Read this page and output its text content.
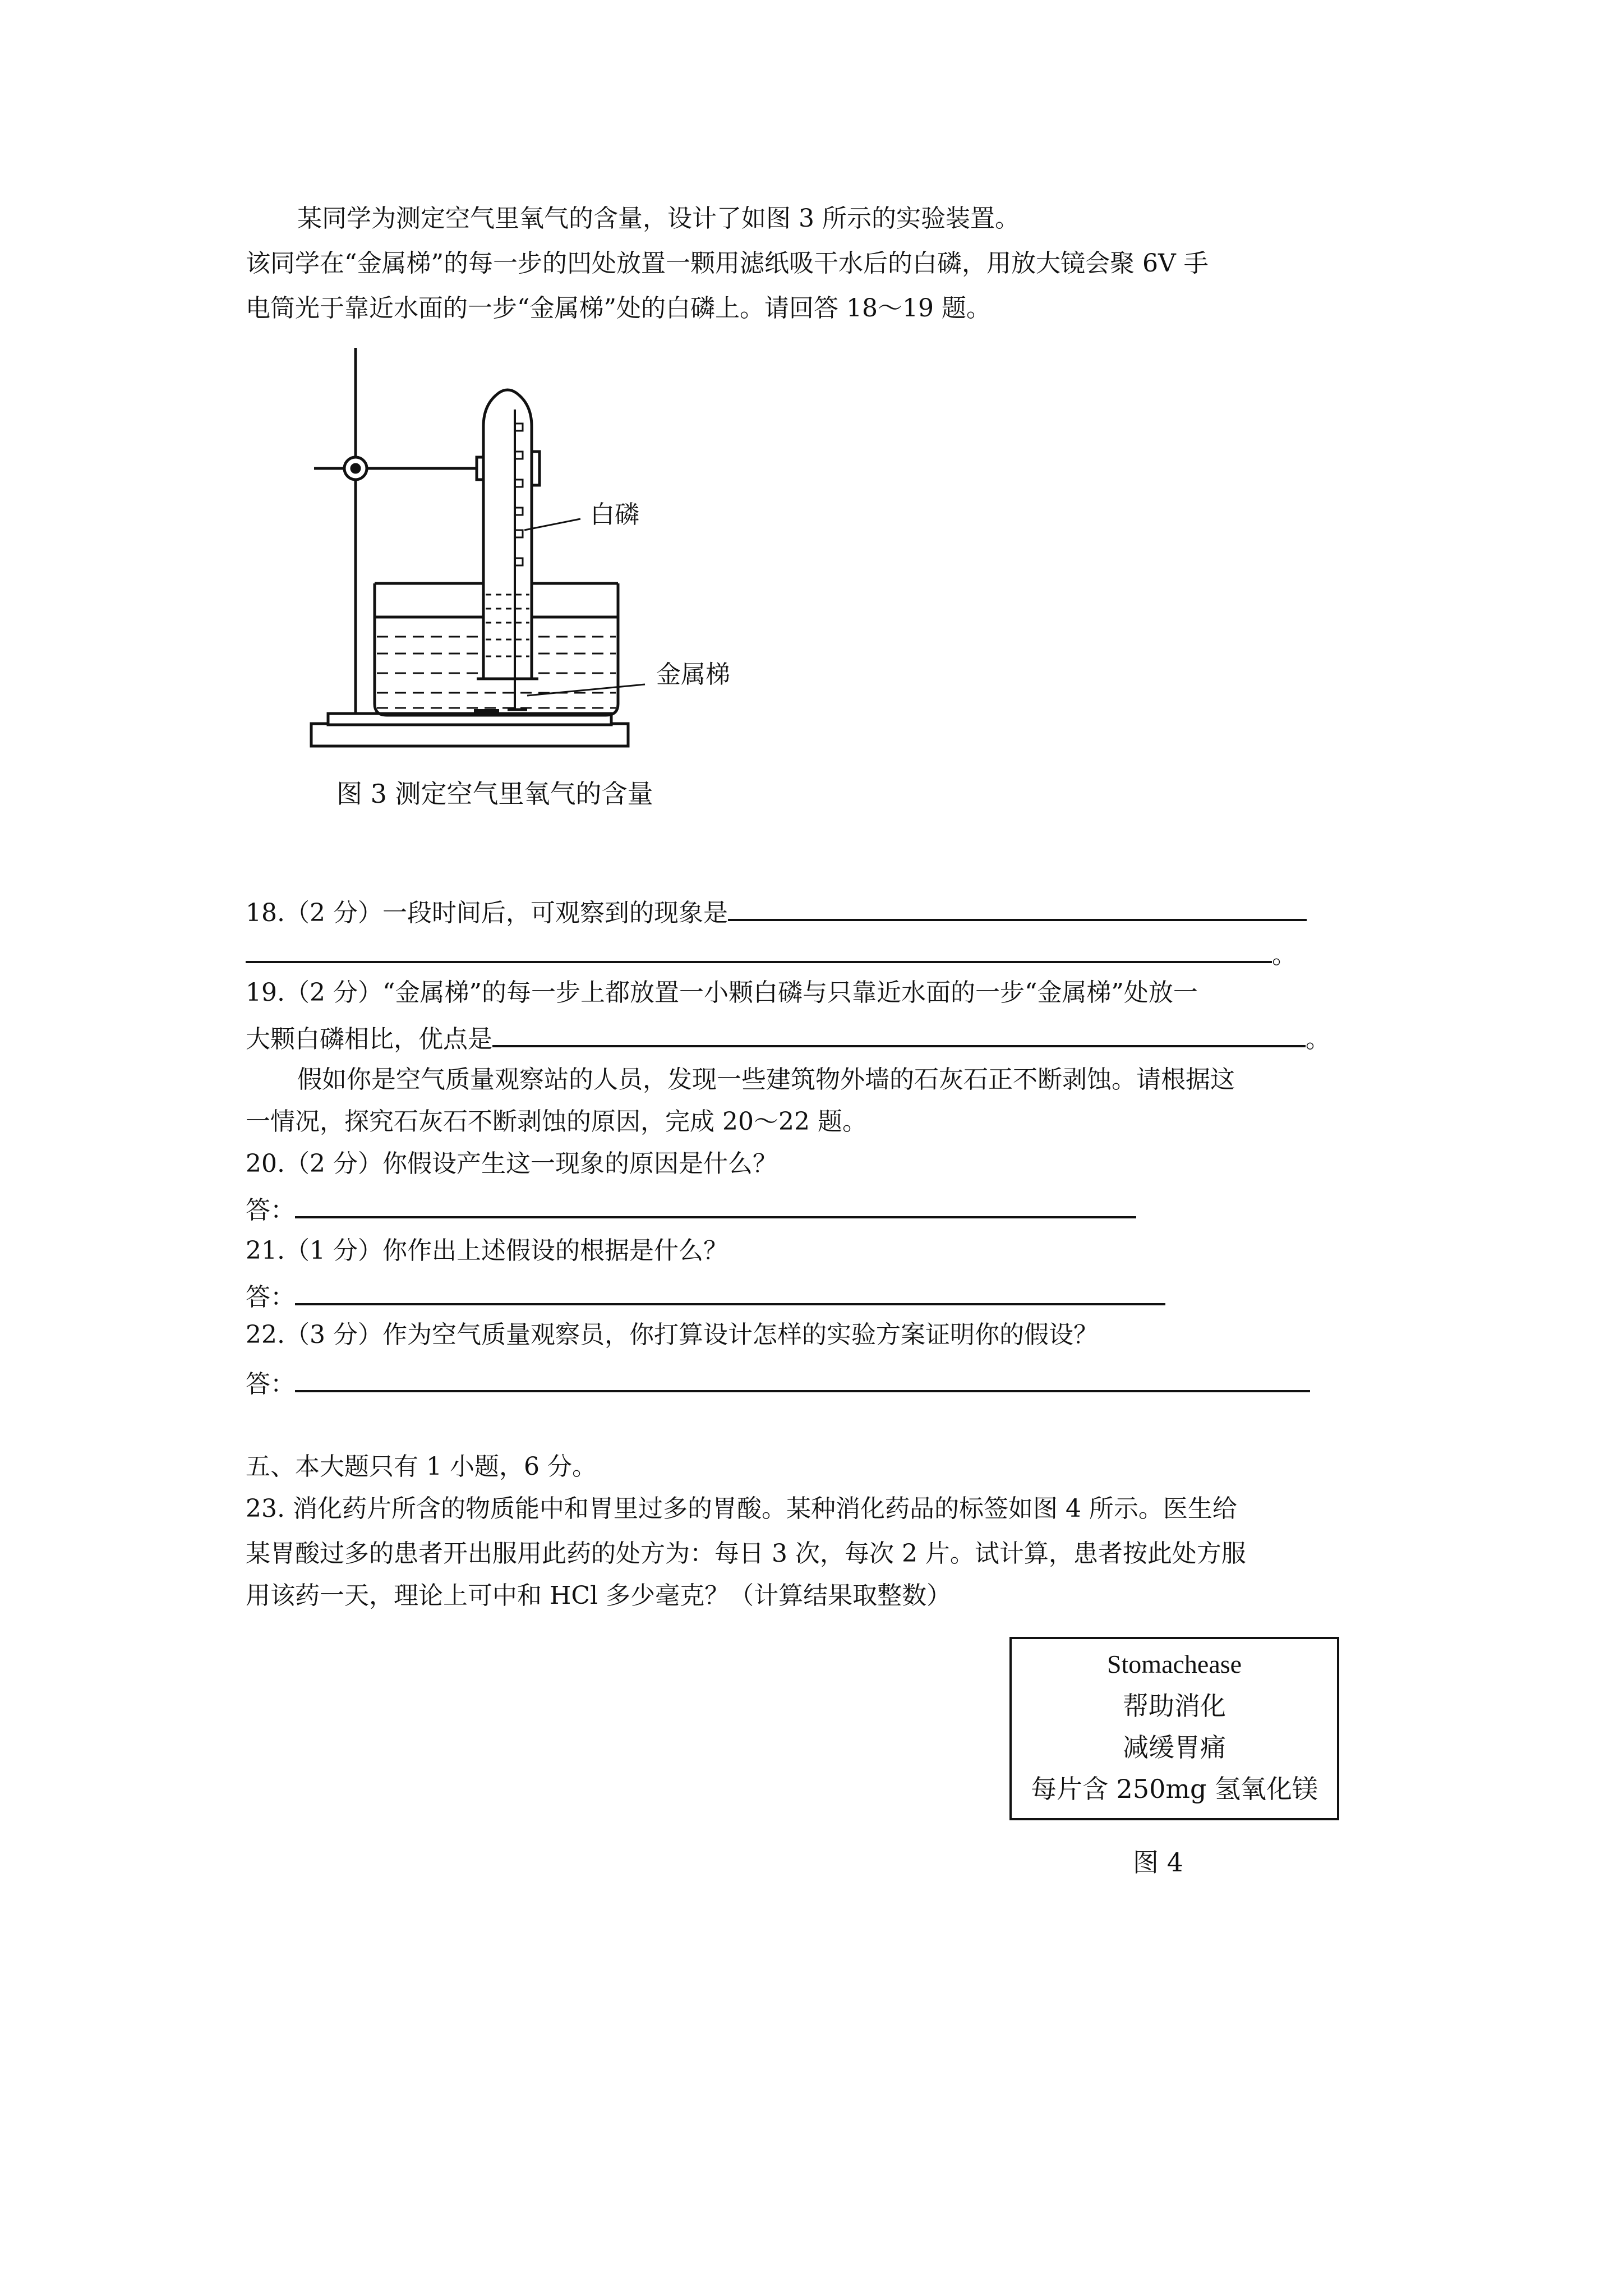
某同学为测定空气里氧气的含量，设计了如图 3 所示的实验装置。
该同学在“金属梯”的每一步的凹处放置一颗用滤纸吸干水后的白磷，用放大镜会聚 6V 手
电筒光于靠近水面的一步“金属梯”处的白磷上。请回答 18～19 题。
白磷
金属梯
图 3 测定空气里氧气的含量
18.（2 分）一段时间后，可观察到的现象是
。
19.（2 分）“金属梯”的每一步上都放置一小颗白磷与只靠近水面的一步“金属梯”处放一
大颗白磷相比，优点是	。
假如你是空气质量观察站的人员，发现一些建筑物外墙的石灰石正不断剥蚀。请根据这
一情况，探究石灰石不断剥蚀的原因，完成 20～22 题。
20.（2 分）你假设产生这一现象的原因是什么？
答：
21.（1 分）你作出上述假设的根据是什么？
答：
22.（3 分）作为空气质量观察员，你打算设计怎样的实验方案证明你的假设？
答：
五、本大题只有 1 小题，6 分。
23. 消化药片所含的物质能中和胃里过多的胃酸。某种消化药品的标签如图 4 所示。医生给
某胃酸过多的患者开出服用此药的处方为：每日 3 次，每次 2 片。试计算，患者按此处方服
用该药一天，理论上可中和 HCl 多少毫克？（计算结果取整数）
Stomachease
帮助消化
减缓胃痛
每片含 250mg 氢氧化镁
图 4
